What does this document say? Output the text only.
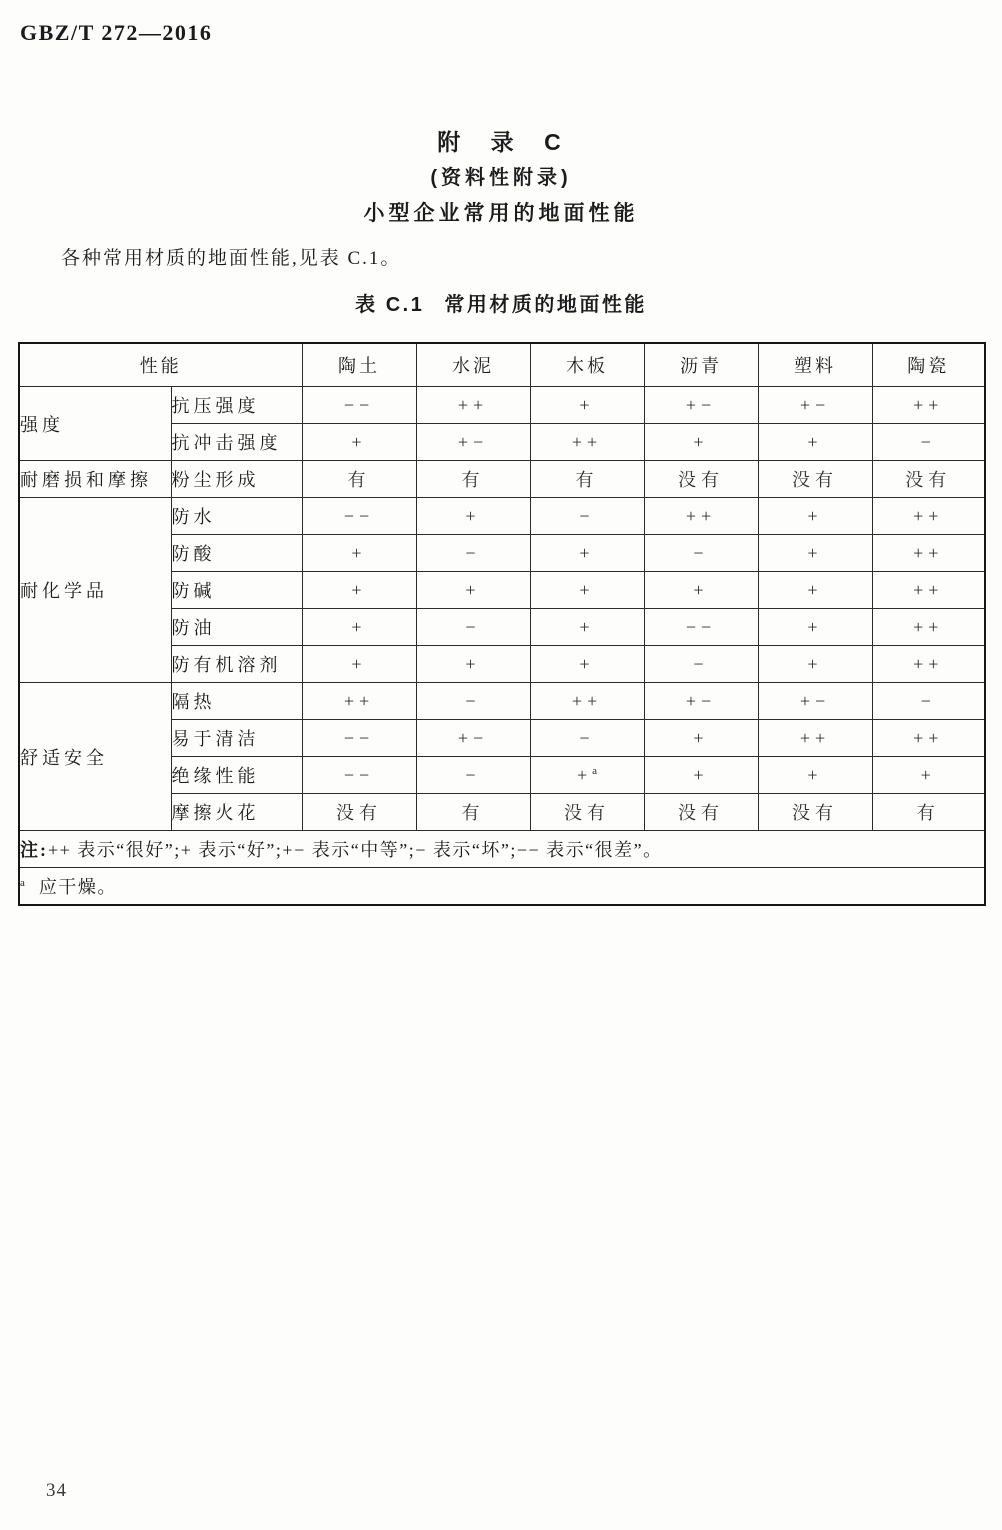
GBZ/T 272—2016
附 录 C
(资料性附录)
小型企业常用的地面性能

各种常用材质的地面性能,见表 C.1。

表 C.1 常用材质的地面性能
性能		陶土	水泥	木板	沥青	塑料	陶瓷
强度	抗压强度	−−	++	+	+−	+−	++
	抗冲击强度	+	+−	++	+	+	−
耐磨损和摩擦	粉尘形成	有	有	有	没有	没有	没有
耐化学品	防水	−−	+	−	++	+	++
	防酸	+	−	+	−	+	++
	防碱	+	+	+	+	+	++
	防油	+	−	+	−−	+	++
	防有机溶剂	+	+	+	−	+	++
舒适安全	隔热	++	−	++	+−	+−	−
	易于清洁	−−	+−	−	+	++	++
	绝缘性能	−−	−	+$^a$	+	+	+
	摩擦火花	没有	有	没有	没有	没有	有
注:++ 表示“很好”;+ 表示“好”;+− 表示“中等”;− 表示“坏”;−− 表示“很差”。							
$^a$ 应干燥。							
34
